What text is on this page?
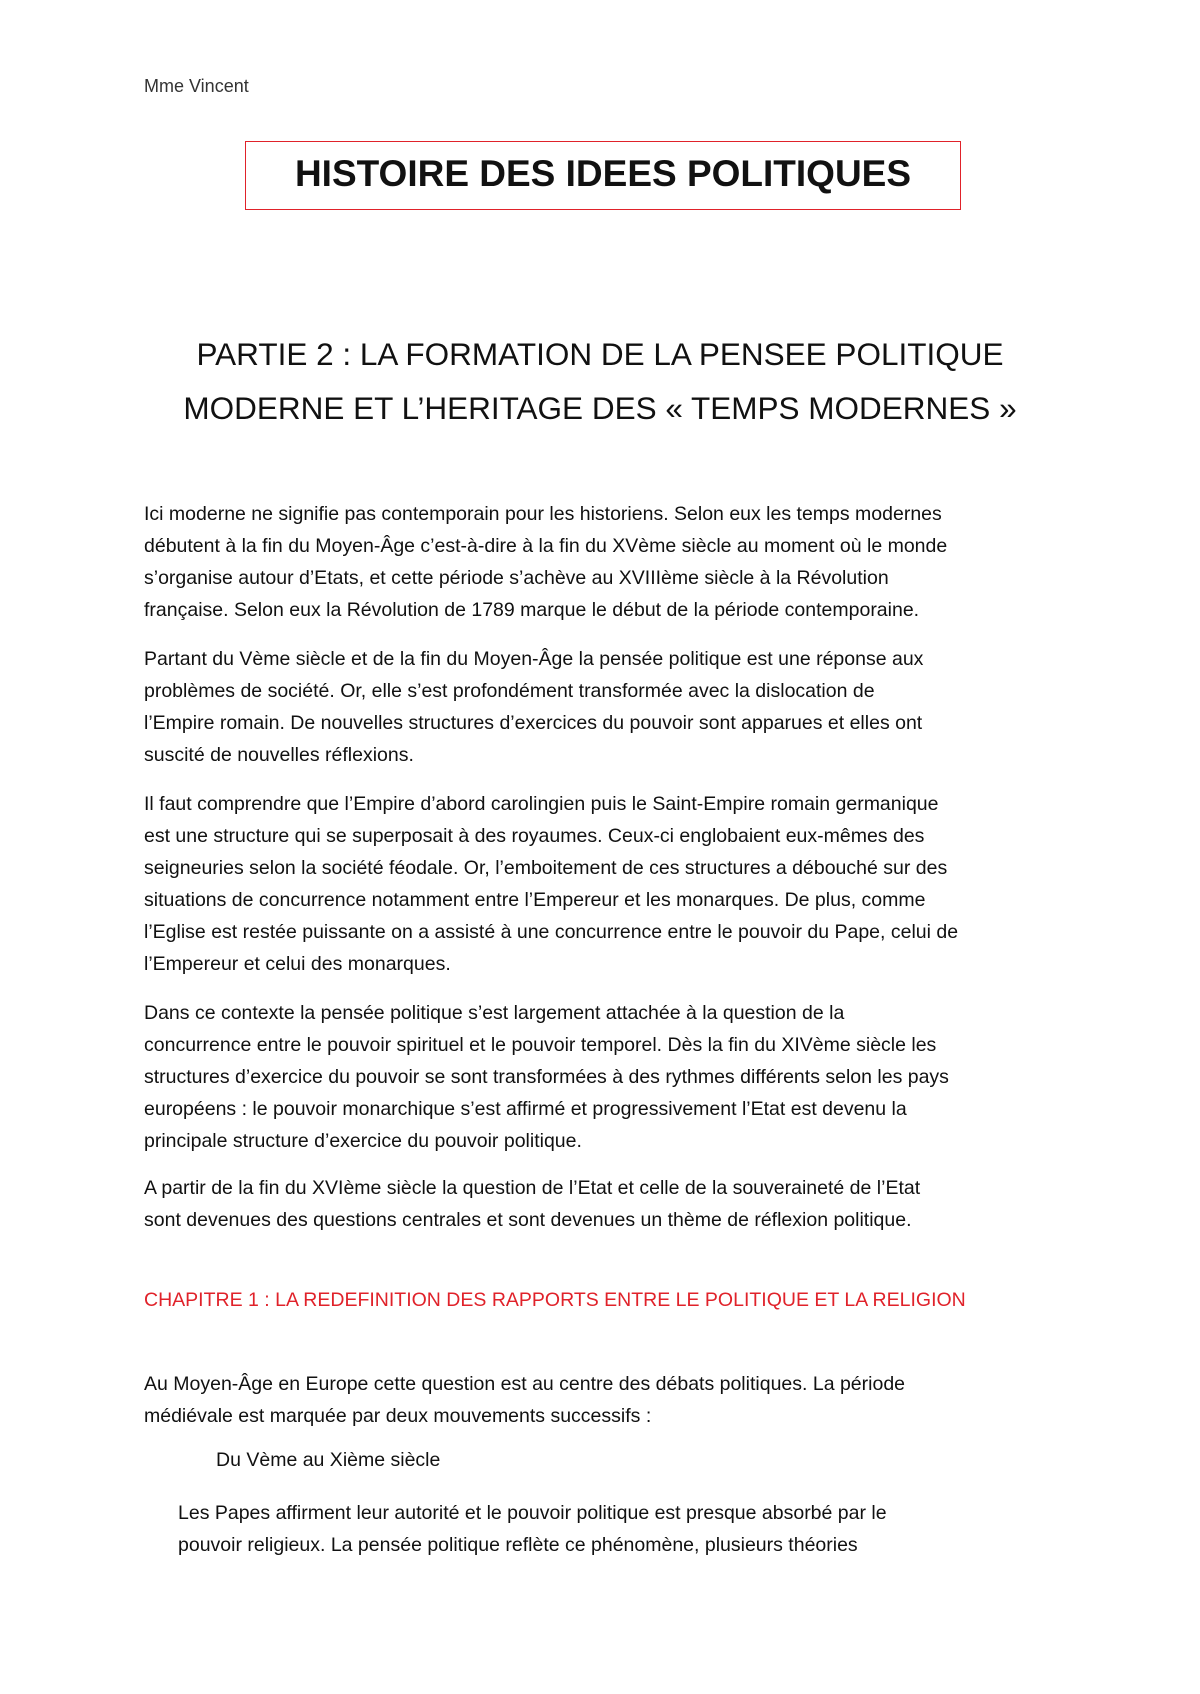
Mme Vincent
HISTOIRE DES IDEES POLITIQUES
PARTIE 2 : LA FORMATION DE LA PENSEE POLITIQUE
MODERNE ET L’HERITAGE DES « TEMPS MODERNES »
Ici moderne ne signifie pas contemporain pour les historiens. Selon eux les temps modernes
débutent à la fin du Moyen-Âge c’est-à-dire à la fin du XVème siècle au moment où le monde
s’organise autour d’Etats, et cette période s’achève au XVIIIème siècle à la Révolution
française. Selon eux la Révolution de 1789 marque le début de la période contemporaine.
Partant du Vème siècle et de la fin du Moyen-Âge la pensée politique est une réponse aux
problèmes de société. Or, elle s’est profondément transformée avec la dislocation de
l’Empire romain. De nouvelles structures d’exercices du pouvoir sont apparues et elles ont
suscité de nouvelles réflexions.
Il faut comprendre que l’Empire d’abord carolingien puis le Saint-Empire romain germanique
est une structure qui se superposait à des royaumes. Ceux-ci englobaient eux-mêmes des
seigneuries selon la société féodale. Or, l’emboitement de ces structures a débouché sur des
situations de concurrence notamment entre l’Empereur et les monarques. De plus, comme
l’Eglise est restée puissante on a assisté à une concurrence entre le pouvoir du Pape, celui de
l’Empereur et celui des monarques.
Dans ce contexte la pensée politique s’est largement attachée à la question de la
concurrence entre le pouvoir spirituel et le pouvoir temporel. Dès la fin du XIVème siècle les
structures d’exercice du pouvoir se sont transformées à des rythmes différents selon les pays
européens : le pouvoir monarchique s’est affirmé et progressivement l’Etat est devenu la
principale structure d’exercice du pouvoir politique.
A partir de la fin du XVIème siècle la question de l’Etat et celle de la souveraineté de l’Etat
sont devenues des questions centrales et sont devenues un thème de réflexion politique.
CHAPITRE 1 : LA REDEFINITION DES RAPPORTS ENTRE LE POLITIQUE ET LA RELIGION
Au Moyen-Âge en Europe cette question est au centre des débats politiques. La période
médiévale est marquée par deux mouvements successifs :
Du Vème au Xième siècle
Les Papes affirment leur autorité et le pouvoir politique est presque absorbé par le
pouvoir religieux. La pensée politique reflète ce phénomène, plusieurs théories
